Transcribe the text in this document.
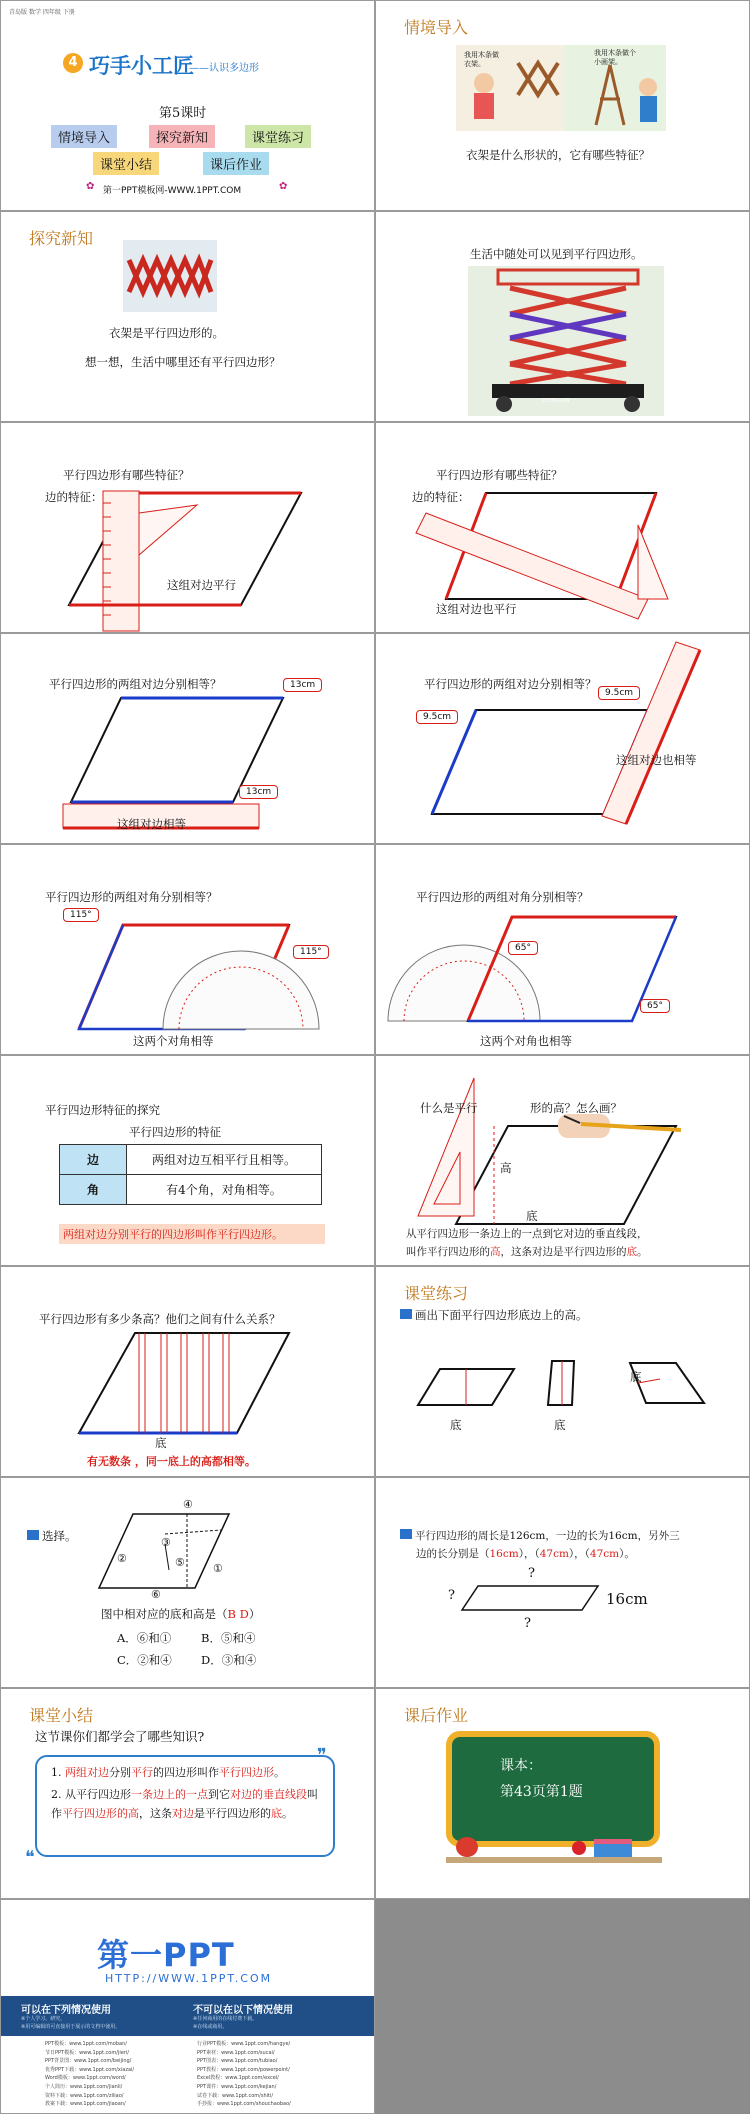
青岛版 数学 四年级 下册
4 巧手小工匠
——认识多边形
第5课时
情境导入	探究新知	课堂练习
课堂小结	课后作业
✿ 第一PPT模板网-WWW.1PPT.COM	✿
情境导入
我用木条做衣架。
我用木条做个小画架。
衣架是什么形状的，它有哪些特征？
探究新知
衣架是平行四边形的。
想一想，生活中哪里还有平行四边形？
生活中随处可以见到平行四边形。
ZOOMLION
平行四边形有哪些特征？
边的特征：
这组对边平行
平行四边形有哪些特征？
边的特征：
这组对边也平行
平行四边形的两组对边分别相等？	13cm
13cm
这组对边相等
平行四边形的两组对边分别相等？
9.5cm
9.5cm
这组对边也相等
平行四边形的两组对角分别相等？
115°
115°
这两个对角相等
平行四边形的两组对角分别相等？
65°
65°
这两个对角也相等
平行四边形特征的探究
平行四边形的特征
边	两组对边互相平行且相等。
角	有4个角，对角相等。
两组对边分别平行的四边形叫作平行四边形。
什么是平行	形的高？怎么画？
高
底
从平行四边形一条边上的一点到它对边的垂直线段，
叫作平行四边形的高，这条对边是平行四边形的底。
平行四边形有多少条高？他们之间有什么关系？
底
有无数条 ，同一底上的高都相等。
课堂练习
画出下面平行四边形底边上的高。
底	底
底
选择。
④
②
③
⑤	①
⑥
图中相对应的底和高是（B D）
A．⑥和①	B．⑤和④
C．②和④	D．③和④
平行四边形的周长是126cm，一边的长为16cm，另外三
边的长分别是（16cm），（47cm），（47cm）。
?
?
?
16cm
课堂小结
这节课你们都学会了哪些知识?
❞
❝
1. 两组对边分别平行的四边形叫作平行四边形。
2. 从平行四边形一条边上的一点到它对边的垂直线段叫作平行四边形的高，这条对边是平行四边形的底。
课后作业
课本：
第43页第1题
第一PPT
HTTP://WWW.1PPT.COM
可以在下列情况使用
※个人学习、研究。
※用可编辑的可直接用于展示的文档中使用。
不可以在以下情况使用
※任何商用的在线付费下载。
※在线或商用。
PPT模板：www.1ppt.com/moban/
节日PPT模板：www.1ppt.com/jieri/
PPT背景图：www.1ppt.com/beijing/
优秀PPT下载：www.1ppt.com/xiazai/
Word模板：www.1ppt.com/word/
个人简历：www.1ppt.com/jianli/
资料下载：www.1ppt.com/ziliao/
教案下载：www.1ppt.com/jiaoan/
行业PPT模板：www.1ppt.com/hangye/
PPT素材：www.1ppt.com/sucai/
PPT图表：www.1ppt.com/tubiao/
PPT教程：www.1ppt.com/powerpoint/
Excel教程：www.1ppt.com/excel/
PPT课件：www.1ppt.com/kejian/
试卷下载：www.1ppt.com/shiti/
手抄报：www.1ppt.com/shouchaobao/
